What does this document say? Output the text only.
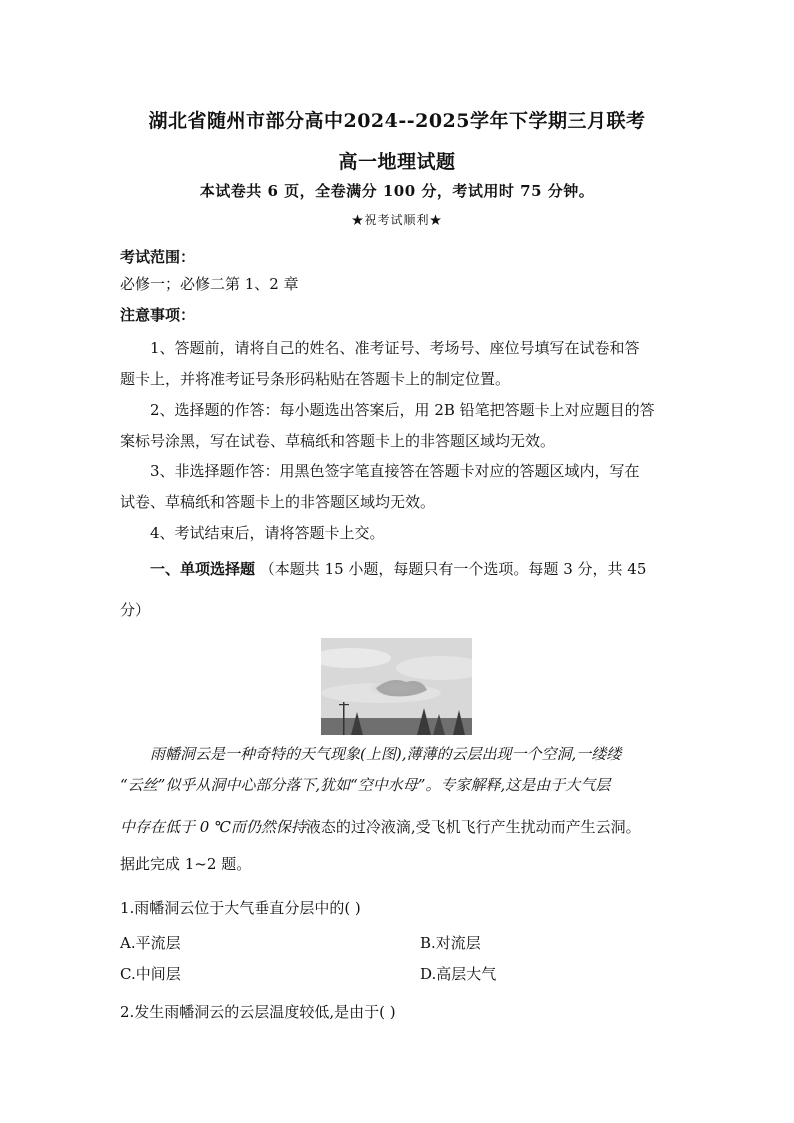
湖北省随州市部分高中2024--2025学年下学期三月联考
高一地理试题
本试卷共 6 页，全卷满分 100 分，考试用时 75 分钟。
★祝考试顺利★
考试范围：
必修一；必修二第 1、2 章
注意事项：
1、答题前，请将自己的姓名、准考证号、考场号、座位号填写在试卷和答
题卡上，并将准考证号条形码粘贴在答题卡上的制定位置。
2、选择题的作答：每小题选出答案后，用 2B 铅笔把答题卡上对应题目的答
案标号涂黑，写在试卷、草稿纸和答题卡上的非答题区域均无效。
3、非选择题作答：用黑色签字笔直接答在答题卡对应的答题区域内，写在
试卷、草稿纸和答题卡上的非答题区域均无效。
4、考试结束后，请将答题卡上交。
一、单项选择题 （本题共 15 小题，每题只有一个选项。每题 3 分，共 45
分）
雨幡洞云是一种奇特的天气现象(上图),薄薄的云层出现一个空洞,一缕缕
“云丝”似乎从洞中心部分落下,犹如“空中水母”。专家解释,这是由于大气层
中存在低于 0 ℃而仍然保持液态的过冷液滴,受飞机飞行产生扰动而产生云洞。
据此完成 1~2 题。
1.雨幡洞云位于大气垂直分层中的( )
A.平流层	B.对流层
C.中间层	D.高层大气
2.发生雨幡洞云的云层温度较低,是由于( )
